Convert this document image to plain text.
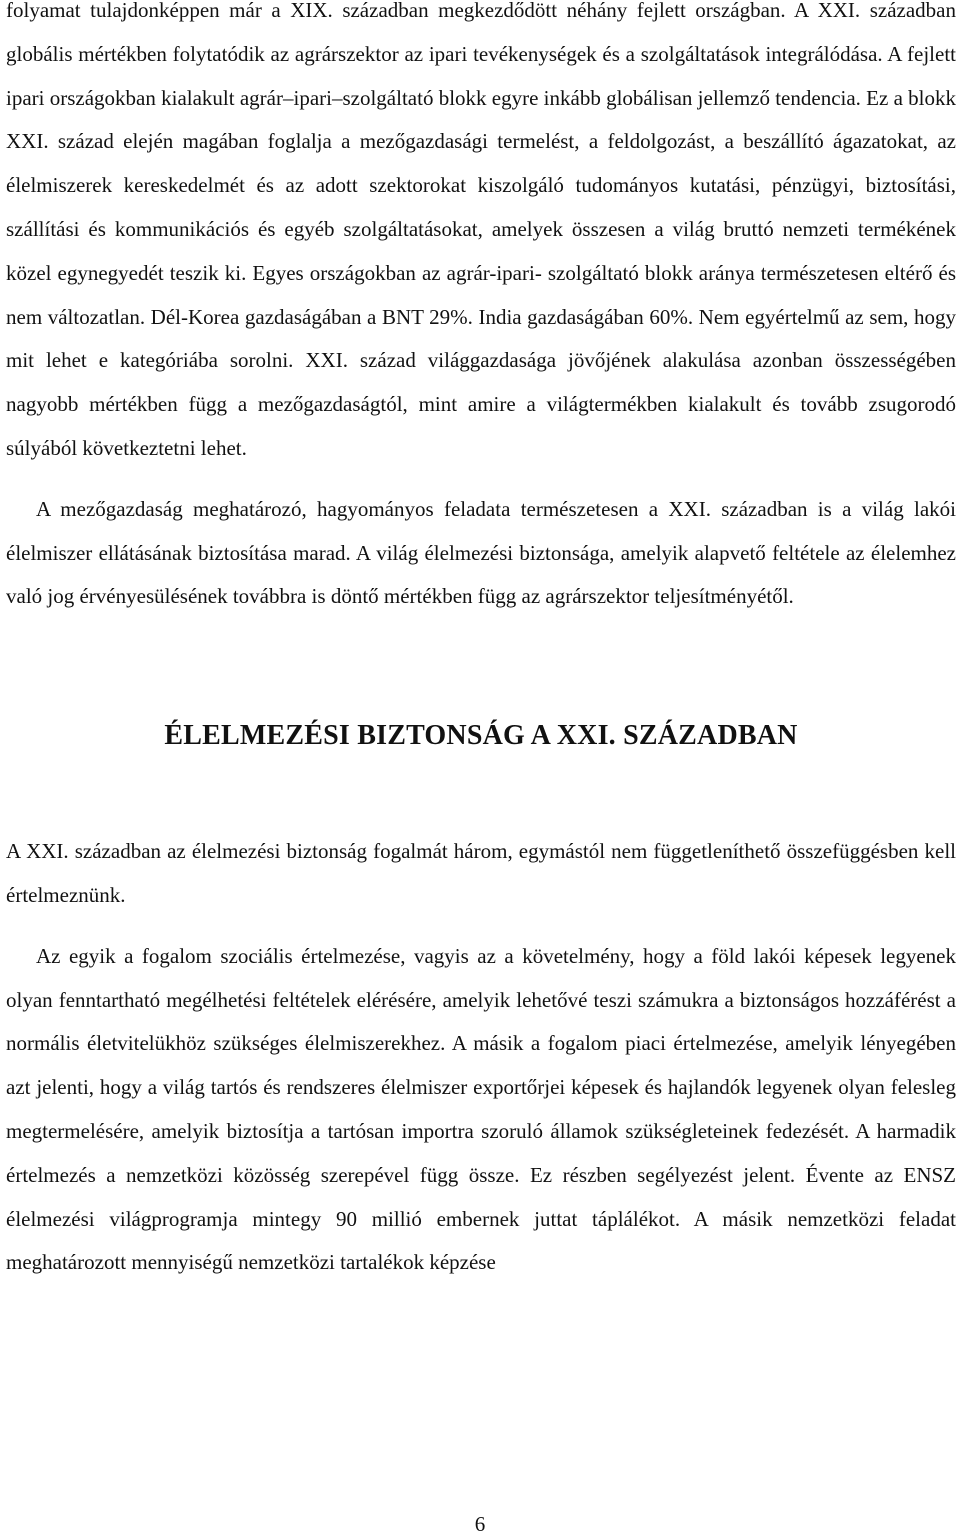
folyamat tulajdonképpen már a XIX. században megkezdődött néhány fejlett országban. A XXI. században globális mértékben folytatódik az agrárszektor az ipari tevékenységek és a szolgáltatások integrálódása. A fejlett ipari országokban kialakult agrár–ipari–szolgáltató blokk egyre inkább globálisan jellemző tendencia. Ez a blokk XXI. század elején magában foglalja a mezőgazdasági termelést, a feldolgozást, a beszállító ágazatokat, az élelmiszerek kereskedelmét és az adott szektorokat kiszolgáló tudományos kutatási, pénzügyi, biztosítási, szállítási és kommunikációs és egyéb szolgáltatásokat, amelyek összesen a világ bruttó nemzeti termékének közel egynegyedét teszik ki. Egyes országokban az agrár-ipari- szolgáltató blokk aránya természetesen eltérő és nem változatlan. Dél-Korea gazdaságában a BNT 29%. India gazdaságában 60%. Nem egyértelmű az sem, hogy mit lehet e kategóriába sorolni. XXI. század világgazdasága jövőjének alakulása azonban összességében nagyobb mértékben függ a mezőgazdaságtól, mint amire a világtermékben kialakult és tovább zsugorodó súlyából következtetni lehet.

A mezőgazdaság meghatározó, hagyományos feladata természetesen a XXI. században is a világ lakói élelmiszer ellátásának biztosítása marad. A világ élelmezési biztonsága, amelyik alapvető feltétele az élelemhez való jog érvényesülésének továbbra is döntő mértékben függ az agrárszektor teljesítményétől.

ÉLELMEZÉSI BIZTONSÁG A XXI. SZÁZADBAN

A XXI. században az élelmezési biztonság fogalmát három, egymástól nem függetleníthető összefüggésben kell értelmeznünk.

Az egyik a fogalom szociális értelmezése, vagyis az a követelmény, hogy a föld lakói képesek legyenek olyan fenntartható megélhetési feltételek elérésére, amelyik lehetővé teszi számukra a biztonságos hozzáférést a normális életvitelükhöz szükséges élelmiszerekhez. A másik a fogalom piaci értelmezése, amelyik lényegében azt jelenti, hogy a világ tartós és rendszeres élelmiszer exportőrjei képesek és hajlandók legyenek olyan felesleg megtermelésére, amelyik biztosítja a tartósan importra szoruló államok szükségleteinek fedezését. A harmadik értelmezés a nemzetközi közösség szerepével függ össze. Ez részben segélyezést jelent. Évente az ENSZ élelmezési világprogramja mintegy 90 millió embernek juttat táplálékot. A másik nemzetközi feladat meghatározott mennyiségű nemzetközi tartalékok képzése

6
